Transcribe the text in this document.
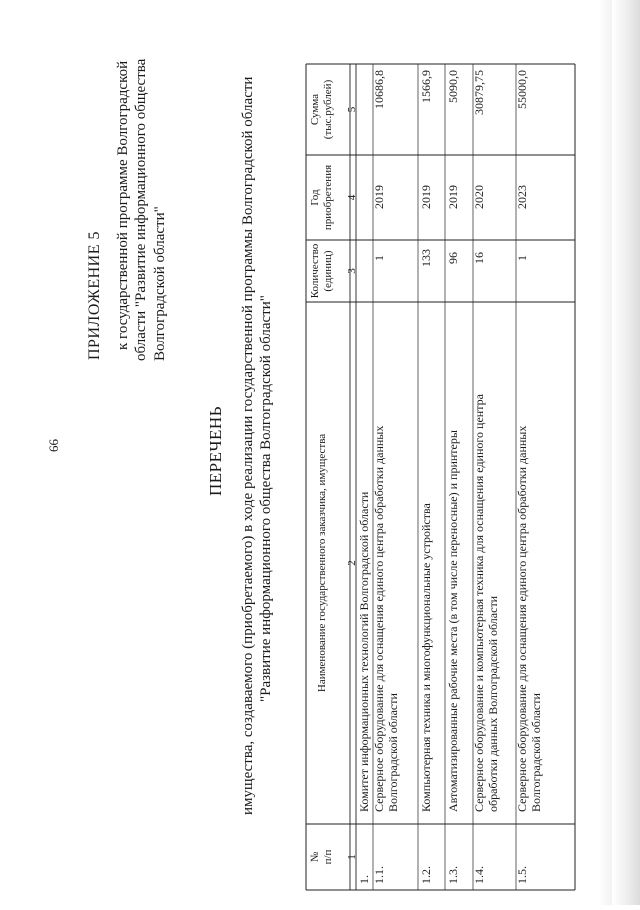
66
ПРИЛОЖЕНИЕ 5 к государственной программе Волгоградской области "Развитие информационного общества Волгоградской области"
ПЕРЕЧЕНЬ имущества, создаваемого (приобретаемого) в ходе реализации государственной программы Волгоградской области "Развитие информационного общества Волгоградской области"
№ п/п
Наименование государственного заказчика, имущества
Количество (единиц)
Год приобретения
Сумма (тыс.рублей)
1
2
3
4
5
1.
Комитет информационных технологий Волгоградской области
1.1.
Серверное оборудование для оснащения единого центра обработки данных Волгоградской области
1
2019
10686,8
1.2.
Компьютерная техника и многофункциональные устройства
133
2019
1566,9
1.3.
Автоматизированные рабочие места (в том числе переносные) и принтеры
96
2019
5090,0
1.4.
Серверное оборудование и компьютерная техника для оснащения единого центра обработки данных Волгоградской области
16
2020
30879,75
1.5.
Серверное оборудование для оснащения единого центра обработки данных Волгоградской области
1
2023
55000,0
